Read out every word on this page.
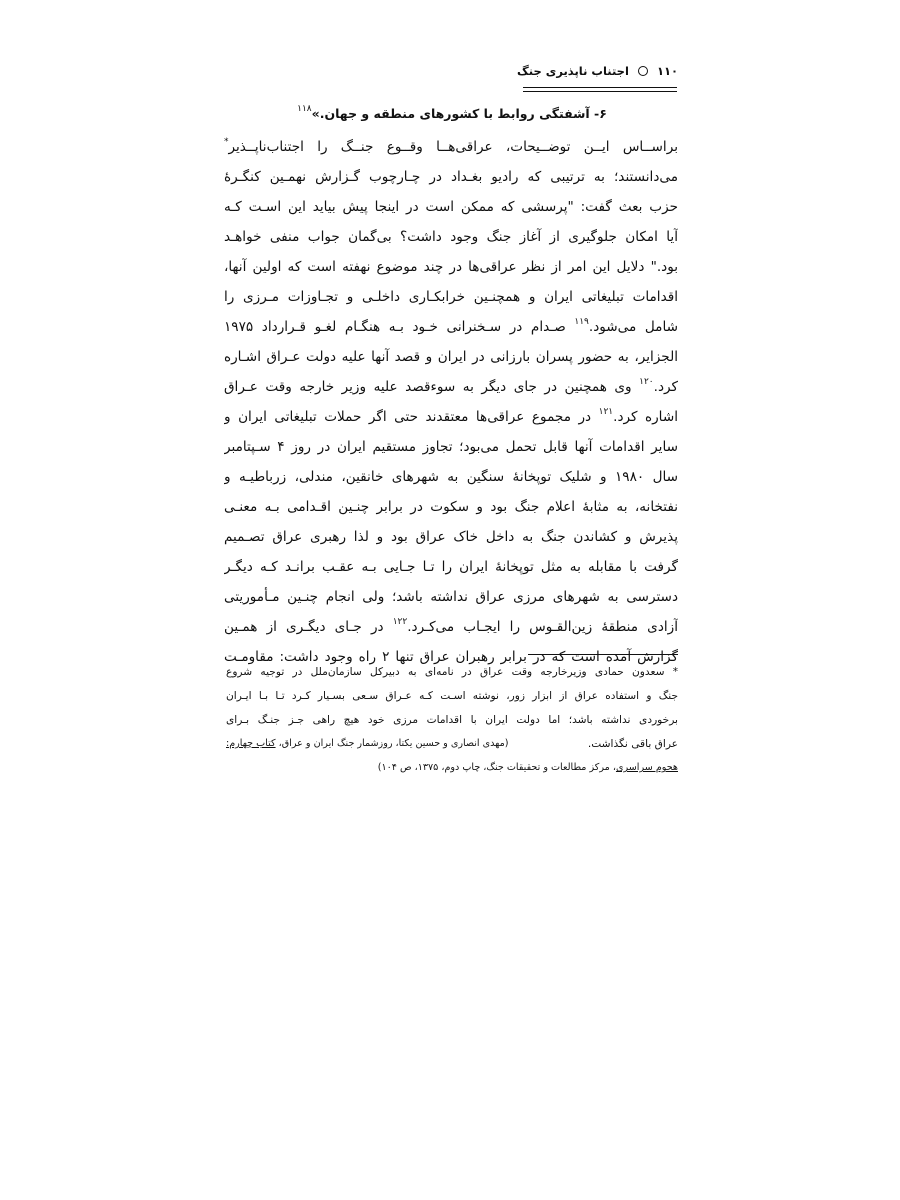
۱۱۰  اجتناب ناپذیری جنگ
۶- آشفتگی روابط با کشورهای منطقه و جهان.»$^{۱۱۸}$
براســاس ایــن توضــیحات، عراقی‌هــا وقــوع جنــگ را اجتناب‌ناپــذیر*
می‌دانستند؛ به ترتیبی که رادیو بغـداد در چـارچوب گـزارش نهمـین کنگـرهٔ
حزب بعث گفت: "پرسشی که ممکن است در اینجا پیش بیاید این اسـت کـه
آیا امکان جلوگیری از آغاز جنگ وجود داشت؟ بی‌گمان جواب منفی خواهـد
بود." دلایل این امر از نظر عراقی‌ها در چند موضوع نهفته است که اولین آنها،
اقدامات تبلیغاتی ایران و همچنـین خرابکـاری داخلـی و تجـاوزات مـرزی را
شامل می‌شود.$^{۱۱۹}$ صـدام در سـخنرانی خـود بـه هنگـام لغـو قـرارداد ۱۹۷۵
الجزایر، به حضور پسران بارزانی در ایران و قصد آنها علیه دولت عـراق اشـاره
کرد.$^{۱۲۰}$ وی همچنین در جای دیگر به سوءقصد علیه وزیر خارجه وقت عـراق
اشاره کرد.$^{۱۲۱}$ در مجموع عراقی‌ها معتقدند حتی اگر حملات تبلیغاتی ایران و
سایر اقدامات آنها قابل تحمل می‌بود؛ تجاوز مستقیم ایران در روز ۴ سـپتامبر
سال ۱۹۸۰ و شلیک توپخانهٔ سنگین به شهرهای خانقین، مندلی، زرباطیـه و
نفتخانه، به مثابهٔ اعلام جنگ بود و سکوت در برابر چنـین اقـدامی بـه معنـی
پذیرش و کشاندن جنگ به داخل خاک عراق بود و لذا رهبری عراق تصـمیم
گرفت با مقابله به مثل توپخانهٔ ایران را تـا جـایی بـه عقـب برانـد کـه دیگـر
دسترسی به شهرهای مرزی عراق نداشته باشد؛ ولی انجام چنـین مـأموریتی
آزادی منطقهٔ زین‌القـوس را ایجـاب می‌کـرد.$^{۱۲۲}$ در جـای دیگـری از همـین
گزارش آمده است که در برابر رهبران عراق تنها ۲ راه وجود داشت: مقاومـت
* سعدون حمادی وزیرخارجه وقت عراق در نامه‌ای به دبیرکل سازمان‌ملل در توجیه شروع
جنگ و استفاده عراق از ابزار زور، نوشته اسـت کـه عـراق سـعی بسـیار کـرد تـا بـا ایـران
برخوردی نداشته باشد؛ اما دولت ایران با اقدامات مرزی خود هیچ راهی جـز جنـگ بـرای
عراق باقی نگذاشت.
(مهدی انصاری و حسین یکتا، روزشمار جنگ ایران و عراق، کتاب چهارم:
هجوم سراسری، مرکز مطالعات و تحقیقات جنگ، چاپ دوم، ۱۳۷۵، ص ۱۰۴)
